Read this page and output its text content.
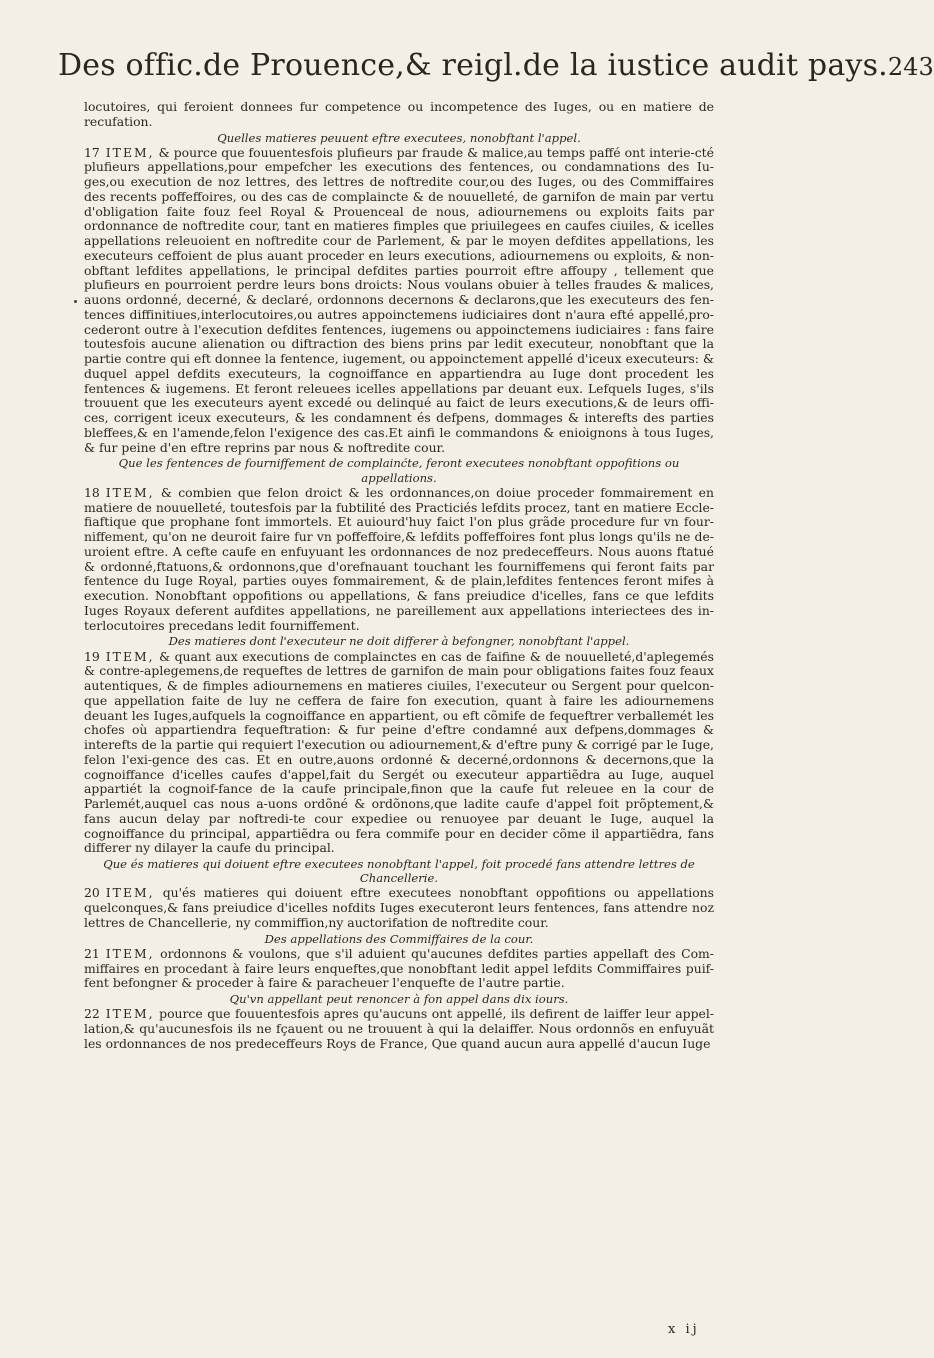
Des offic.de Prouence,& reigl.de la iustice audit pays. 243

locutoires, qui feroient donnees fur competence ou incompetence des Iuges, ou en matiere de recufation.

Quelles matieres peuuent eftre executees, nonobftant l'appel.

17 ITEM, & pource que fouuentesfois plufieurs par fraude & malice,au temps paffé ont interie-cté plufieurs appellations,pour empefcher les executions des fentences, ou condamnations des Iu-ges,ou execution de noz lettres, des lettres de noftredite cour,ou des Iuges, ou des Commiffaires des recents poffeffoires, ou des cas de complaincte & de nouuelleté, de garnifon de main par vertu d'obligation faite fouz feel Royal & Prouenceal de nous, adiournemens ou exploits faits par ordonnance de noftredite cour, tant en matieres fimples que priuilegees en caufes ciuiles, & icelles appellations releuoient en noftredite cour de Parlement, & par le moyen defdites appellations, les executeurs ceffoient de plus auant proceder en leurs executions, adiournemens ou exploits, & non-obftant lefdites appellations, le principal defdites parties pourroit eftre affoupy , tellement que plufieurs en pourroient perdre leurs bons droicts: Nous voulans obuier à telles fraudes & malices, auons ordonné, decerné, & declaré, ordonnons decernons & declarons,que les executeurs des fen-tences diffinitiues,interlocutoires,ou autres appoinctemens iudiciaires dont n'aura efté appellé,pro-cederont outre à l'execution defdites fentences, iugemens ou appoinctemens iudiciaires : fans faire toutesfois aucune alienation ou diftraction des biens prins par ledit executeur, nonobftant que la partie contre qui eft donnee la fentence, iugement, ou appoinctement appellé d'iceux executeurs: & duquel appel defdits executeurs, la cognoiffance en appartiendra au Iuge dont procedent les fentences & iugemens. Et feront releuees icelles appellations par deuant eux. Lefquels Iuges, s'ils trouuent que les executeurs ayent excedé ou delinqué au faict de leurs executions,& de leurs offi-ces, corrigent iceux executeurs, & les condamnent és defpens, dommages & interefts des parties bleffees,& en l'amende,felon l'exigence des cas.Et ainfi le commandons & enioignons à tous Iuges, & fur peine d'en eftre reprins par nous & noftredite cour.

Que les fentences de fourniffement de complainćte, feront executees nonobftant oppofitions ou appellations.

18 ITEM, & combien que felon droict & les ordonnances,on doiue proceder fommairement en matiere de nouuelleté, toutesfois par la fubtilité des Practiciés lefdits procez, tant en matiere Eccle-fiaftique que prophane font immortels. Et auiourd'huy faict l'on plus grãde procedure fur vn four-niffement, qu'on ne deuroit faire fur vn poffeffoire,& lefdits poffeffoires font plus longs qu'ils ne de-uroient eftre. A cefte caufe en enfuyuant les ordonnances de noz predeceffeurs. Nous auons ftatué & ordonné,ftatuons,& ordonnons,que d'orefnauant touchant les fourniffemens qui feront faits par fentence du Iuge Royal, parties ouyes fommairement, & de plain,lefdites fentences feront mifes à execution. Nonobftant oppofitions ou appellations, & fans preiudice d'icelles, fans ce que lefdits Iuges Royaux deferent aufdites appellations, ne pareillement aux appellations interiectees des in-terlocutoires precedans ledit fourniffement.

Des matieres dont l'executeur ne doit differer à befongner, nonobftant l'appel.

19 ITEM, & quant aux executions de complainctes en cas de faifine & de nouuelleté,d'aplegemés & contre-aplegemens,de requeftes de lettres de garnifon de main pour obligations faites fouz feaux autentiques, & de fimples adiournemens en matieres ciuiles, l'executeur ou Sergent pour quelcon-que appellation faite de luy ne ceffera de faire fon execution, quant à faire les adiournemens deuant les Iuges,aufquels la cognoiffance en appartient, ou eft cõmife de fequeftrer verballemét les chofes où appartiendra fequeftration: & fur peine d'eftre condamné aux defpens,dommages & interefts de la partie qui requiert l'execution ou adiournement,& d'eftre puny & corrigé par le Iuge, felon l'exi-gence des cas. Et en outre,auons ordonné & decerné,ordonnons & decernons,que la cognoiffance d'icelles caufes d'appel,fait du Sergét ou executeur appartiẽdra au Iuge, auquel appartiét la cognoif-fance de la caufe principale,finon que la caufe fut releuee en la cour de Parlemét,auquel cas nous a-uons ordõné & ordõnons,que ladite caufe d'appel foit prõptement,& fans aucun delay par noftredi-te cour expediee ou renuoyee par deuant le Iuge, auquel la cognoiffance du principal, appartiẽdra ou fera commife pour en decider cõme il appartiẽdra, fans differer ny dilayer la caufe du principal.

Que és matieres qui doiuent eftre executees nonobftant l'appel, foit procedé fans attendre lettres de Chancellerie.

20 ITEM, qu'és matieres qui doiuent eftre executees nonobftant oppofitions ou appellations quelconques,& fans preiudice d'icelles nofdits Iuges executeront leurs fentences, fans attendre noz lettres de Chancellerie, ny commiffion,ny auctorifation de noftredite cour.

Des appellations des Commiffaires de la cour.

21 ITEM, ordonnons & voulons, que s'il aduient qu'aucunes defdites parties appellaft des Com-miffaires en procedant à faire leurs enqueftes,que nonobftant ledit appel lefdits Commiffaires puif-fent befongner & proceder à faire & paracheuer l'enquefte de l'autre partie.

Qu'vn appellant peut renoncer à fon appel dans dix iours.

22 ITEM, pource que fouuentesfois apres qu'aucuns ont appellé, ils defirent de laiffer leur appel-lation,& qu'aucunesfois ils ne fçauent ou ne trouuent à qui la delaiffer. Nous ordonnõs en enfuyuãt les ordonnances de nos predeceffeurs Roys de France, Que quand aucun aura appellé d'aucun Iuge

x ij
